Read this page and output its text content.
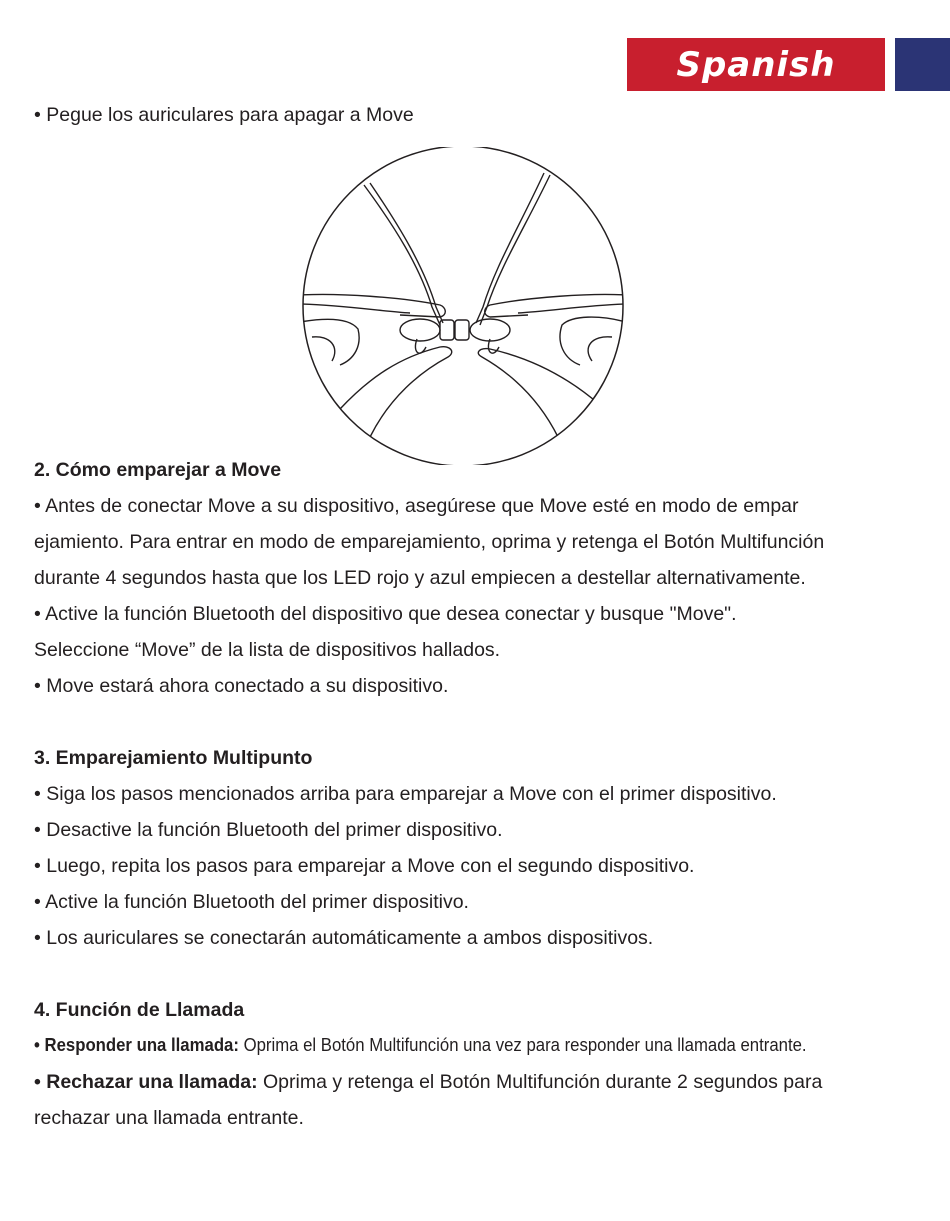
Spanish
• Pegue los auriculares para apagar a Move
2. Cómo emparejar a Move
• Antes de conectar Move a su dispositivo, asegúrese que Move esté en modo de empar
ejamiento. Para entrar en modo de emparejamiento, oprima y retenga el Botón Multifunción
durante 4 segundos hasta que los LED rojo y azul empiecen a destellar alternativamente.
• Active la función Bluetooth del dispositivo que desea conectar y busque "Move".
Seleccione “Move” de la lista de dispositivos hallados.
• Move estará ahora conectado a su dispositivo.
3. Emparejamiento Multipunto
• Siga los pasos mencionados arriba para emparejar a Move con el primer dispositivo.
• Desactive la función Bluetooth del primer dispositivo.
• Luego, repita los pasos para emparejar a Move con el segundo dispositivo.
• Active la función Bluetooth del primer dispositivo.
• Los auriculares se conectarán automáticamente a ambos dispositivos.
4. Función de Llamada
• Responder una llamada: Oprima el Botón Multifunción una vez para responder una llamada entrante.
• Rechazar una llamada: Oprima y retenga el Botón Multifunción durante 2 segundos para
rechazar una llamada entrante.
